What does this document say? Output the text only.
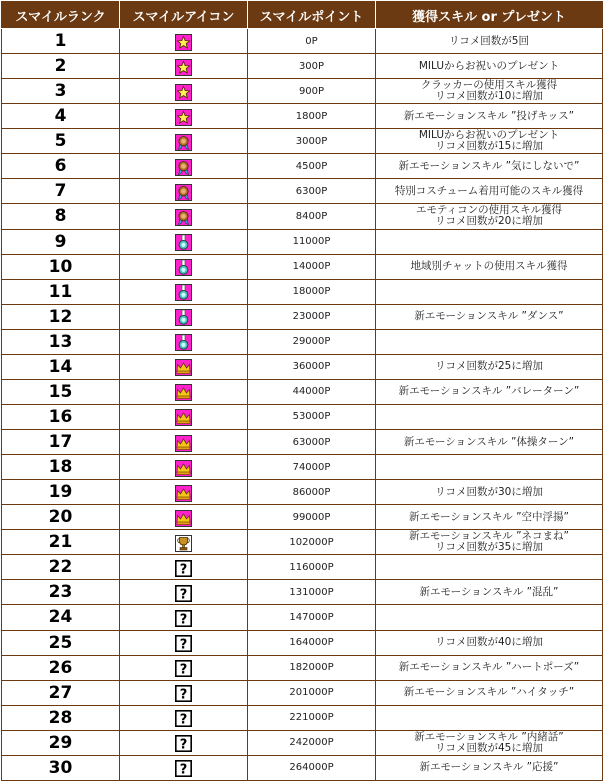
スマイルランク	スマイルアイコン	スマイルポイント	獲得スキル or プレゼント
1		0P	リコメ回数が5回

2		300P	MILUからお祝いのプレゼント

3		900P	クラッカーの使用スキル獲得
リコメ回数が10に増加

4		1800P	新エモーションスキル ”投げキッス”

5		3000P	MILUからお祝いのプレゼント
リコメ回数が15に増加

6		4500P	新エモーションスキル ”気にしないで”

7		6300P	特別コスチューム着用可能のスキル獲得

8		8400P	エモティコンの使用スキル獲得
リコメ回数が20に増加

9		11000P	
10		14000P	地域別チャットの使用スキル獲得

11		18000P	
12		23000P	新エモーションスキル ”ダンス”

13		29000P	
14		36000P	リコメ回数が25に増加

15		44000P	新エモーションスキル ”バレーターン”

16		53000P	
17		63000P	新エモーションスキル ”体操ターン”

18		74000P	
19		86000P	リコメ回数が30に増加

20		99000P	新エモーションスキル ”空中浮揚”

21		102000P	新エモーションスキル ”ネコまね”
リコメ回数が35に増加

22	?	116000P	
23	?	131000P	新エモーションスキル ”混乱”

24	?	147000P	
25	?	164000P	リコメ回数が40に増加

26	?	182000P	新エモーションスキル ”ハートポーズ”

27	?	201000P	新エモーションスキル ”ハイタッチ”

28	?	221000P	
29	?	242000P	新エモーションスキル ”内緒話”
リコメ回数が45に増加

30	?	264000P	新エモーションスキル ”応援”
